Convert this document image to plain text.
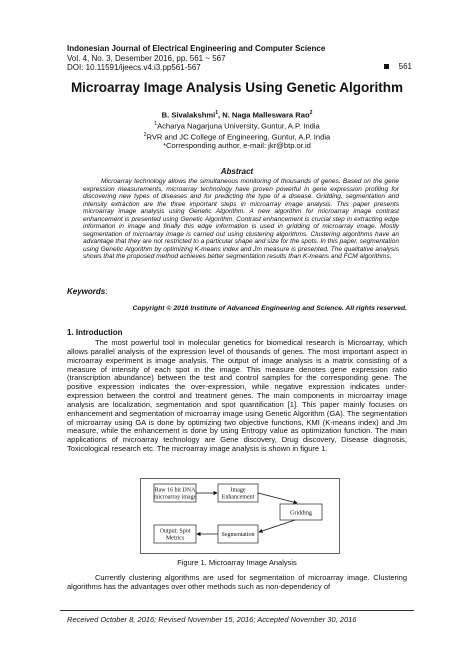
Indonesian Journal of Electrical Engineering and Computer Science
Vol. 4, No. 3, Desember 2016, pp. 561 ~ 567
DOI: 10.11591/ijeecs.v4.i3.pp561-567	561
Microarray Image Analysis Using Genetic Algorithm
B. Sivalakshmi$^1$, N. Naga Malleswara Rao$^2$
$^1$Acharya Nagarjuna University, Guntur, A.P. India
$^2$RVR and JC College of Engineering, Guntur, A.P. India
*Corresponding author, e-mail: jkr@btp.or.id
Abstract
Microarray technology allows the simultaneous monitoring of thousands of genes. Based on the gene expression measurements, microarray technology have proven powerful in gene expression profiling for discovering new types of diseases and for predicting the type of a disease. Gridding, segmentation and intensity extraction are the three important steps in microarray image analysis. This paper presents microarray image analysis using Genetic Algorithm. A new algorithm for microarray image contrast enhancement is presented using Genetic Algorithm. Contrast enhancement is crucial step in extracting edge information in image and finally this edge information is used in gridding of microarray image. Mostly segmentation of microarray image is carried out using clustering algorithms. Clustering algorithms have an advantage that they are not restricted to a particular shape and size for the spots. In this paper, segmentation using Genetic Algorithm by optimizing K-means index and Jm measure is presented. The qualitative analysis shows that the proposed method achieves better segmentation results than K-means and FCM algorithms.
Keywords:
Copyright © 2016 Institute of Advanced Engineering and Science. All rights reserved.
1. Introduction
The most powerful tool in molecular genetics for biomedical research is Microarray, which allows parallel analysis of the expression level of thousands of genes. The most important aspect in microarray experiment is image analysis. The output of image analysis is a matrix consisting of a measure of intensity of each spot in the image. This measure denotes gene expression ratio (transcription abundance) between the test and control samples for the corresponding gene. The positive expression indicates the over-expression, while negative expression indicates under-expression between the control and treatment genes. The main components in microarray image analysis are localization, segmentation and spot quantification [1]. This paper mainly focuses on enhancement and segmentation of microarray image using Genetic Algorithm (GA). The segmentation of microarray using GA is done by optimizing two objective functions, KMI (K-means index) and Jm measure, while the enhancement is done by using Entropy value as optimization function. The main applications of microarray technology are Gene discovery, Drug discovery, Disease diagnosis, Toxicological research etc. The microarray image analysis is shown in figure 1.
Raw 16 bit DNA
microarray image
Image
Enhancement
Gridding
Segmentation
Output: Spot
Metrics
Figure 1. Microarray Image Analysis
Currently clustering algorithms are used for segmentation of microarray image. Clustering algorithms has the advantages over other methods such as non-dependency of
Received October 8, 2016; Revised November 15, 2016; Accepted November 30, 2016
